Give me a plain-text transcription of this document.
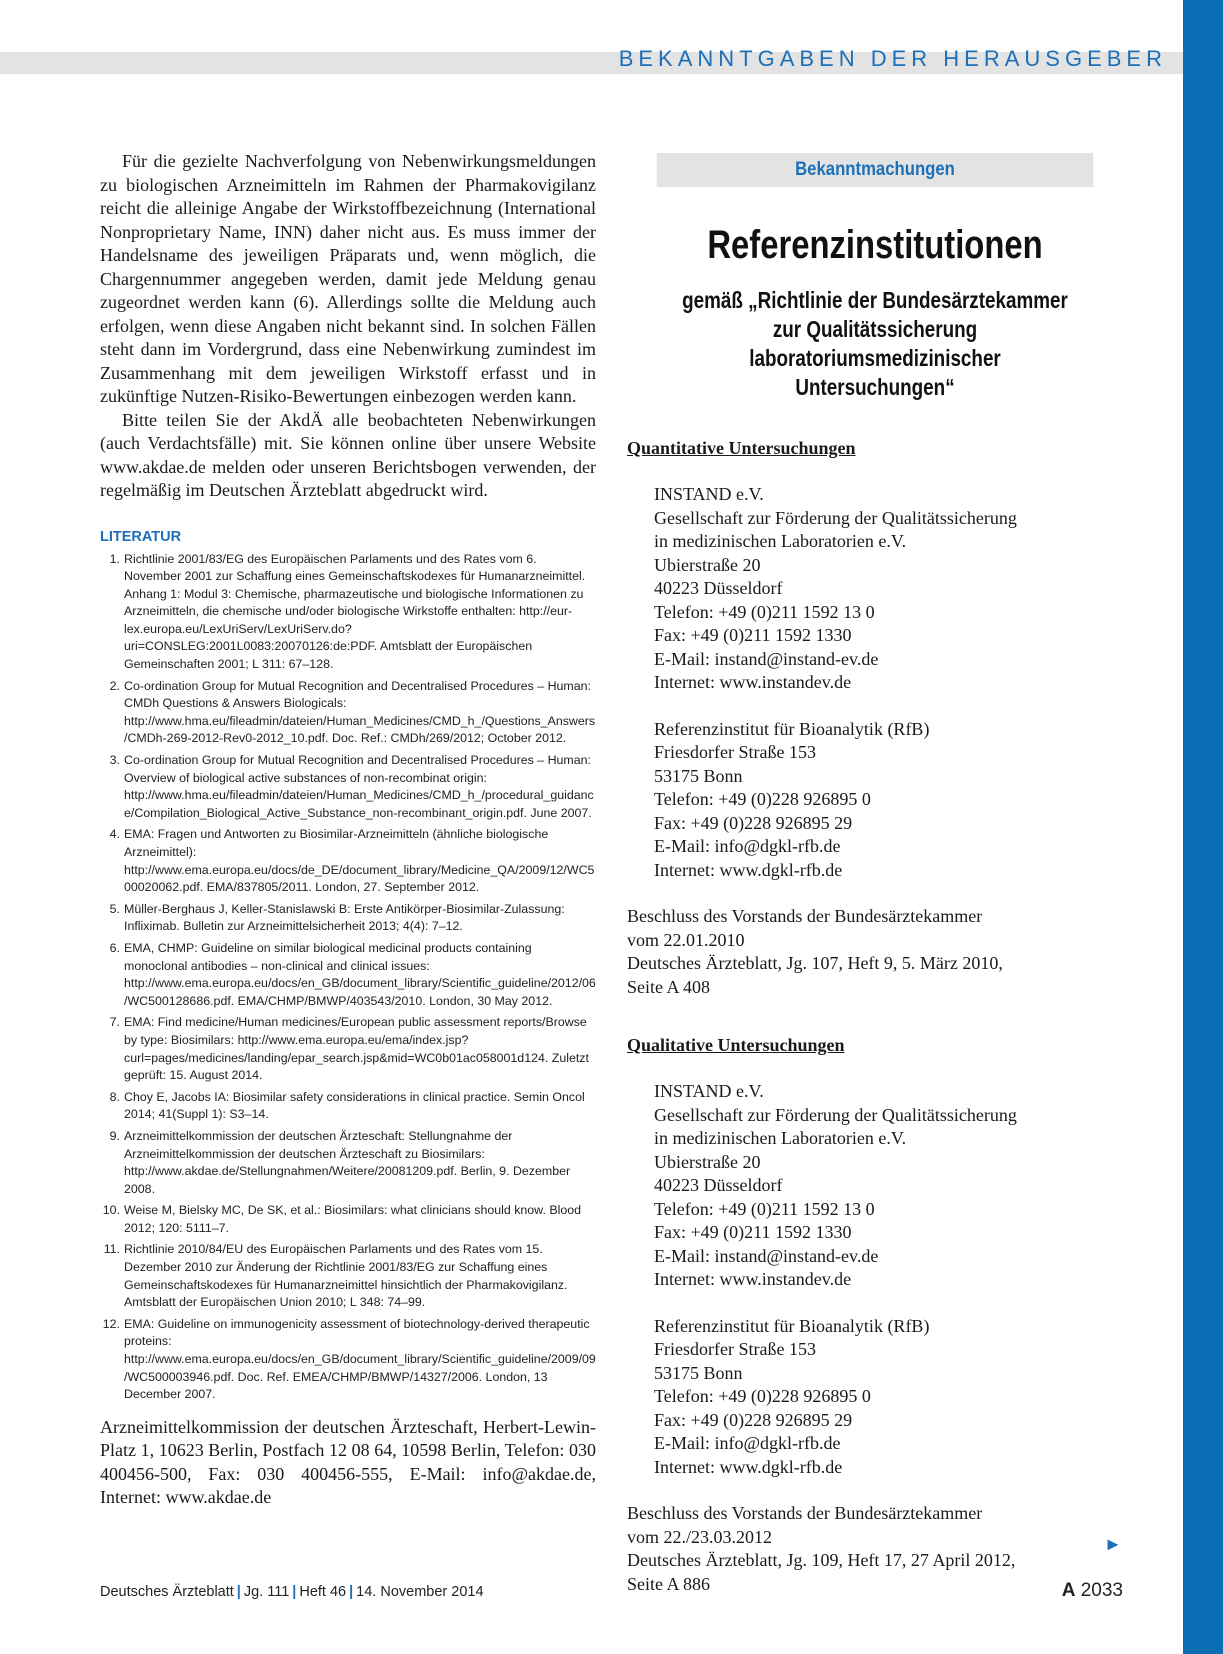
BEKANNTGABEN DER HERAUSGEBER

Für die gezielte Nachverfolgung von Nebenwirkungsmeldungen zu biologischen Arzneimitteln im Rahmen der Pharmakovigilanz reicht die alleinige Angabe der Wirkstoffbezeichnung (International Nonproprietary Name, INN) daher nicht aus. Es muss immer der Handelsname des jeweiligen Präparats und, wenn möglich, die Chargennummer angegeben werden, damit jede Meldung genau zugeordnet werden kann (6). Allerdings sollte die Meldung auch erfolgen, wenn diese Angaben nicht bekannt sind. In solchen Fällen steht dann im Vordergrund, dass eine Nebenwirkung zumindest im Zusammenhang mit dem jeweiligen Wirkstoff erfasst und in zukünftige Nutzen-Risiko-Bewertungen einbezogen werden kann.

Bitte teilen Sie der AkdÄ alle beobachteten Nebenwirkungen (auch Verdachtsfälle) mit. Sie können online über unsere Website www.akdae.de melden oder unseren Berichtsbogen verwenden, der regelmäßig im Deutschen Ärzteblatt abgedruckt wird.

LITERATUR
1. Richtlinie 2001/83/EG des Europäischen Parlaments und des Rates vom 6. November 2001 zur Schaffung eines Gemeinschaftskodexes für Humanarzneimittel. Anhang 1: Modul 3: Chemische, pharmazeutische und biologische Informationen zu Arzneimitteln, die chemische und/oder biologische Wirkstoffe enthalten: http://eur-lex.europa.eu/LexUriServ/LexUriServ.do?uri=CONSLEG:2001L0083:20070126:de:PDF. Amtsblatt der Europäischen Gemeinschaften 2001; L 311: 67–128.
2. Co-ordination Group for Mutual Recognition and Decentralised Procedures – Human: CMDh Questions & Answers Biologicals: http://www.hma.eu/fileadmin/dateien/Human_Medicines/CMD_h_/Questions_Answers/CMDh-269-2012-Rev0-2012_10.pdf. Doc. Ref.: CMDh/269/2012; October 2012.
3. Co-ordination Group for Mutual Recognition and Decentralised Procedures – Human: Overview of biological active substances of non-recombinat origin: http://www.hma.eu/fileadmin/dateien/Human_Medicines/CMD_h_/procedural_guidance/Compilation_Biological_Active_Substance_non-recombinant_origin.pdf. June 2007.
4. EMA: Fragen und Antworten zu Biosimilar-Arzneimitteln (ähnliche biologische Arzneimittel): http://www.ema.europa.eu/docs/de_DE/document_library/Medicine_QA/2009/12/WC500020062.pdf. EMA/837805/2011. London, 27. September 2012.
5. Müller-Berghaus J, Keller-Stanislawski B: Erste Antikörper-Biosimilar-Zulassung: Infliximab. Bulletin zur Arzneimittelsicherheit 2013; 4(4): 7–12.
6. EMA, CHMP: Guideline on similar biological medicinal products containing monoclonal antibodies – non-clinical and clinical issues: http://www.ema.europa.eu/docs/en_GB/document_library/Scientific_guideline/2012/06/WC500128686.pdf. EMA/CHMP/BMWP/403543/2010. London, 30 May 2012.
7. EMA: Find medicine/Human medicines/European public assessment reports/Browse by type: Biosimilars: http://www.ema.europa.eu/ema/index.jsp?curl=pages/medicines/landing/epar_search.jsp&mid=WC0b01ac058001d124. Zuletzt geprüft: 15. August 2014.
8. Choy E, Jacobs IA: Biosimilar safety considerations in clinical practice. Semin Oncol 2014; 41(Suppl 1): S3–14.
9. Arzneimittelkommission der deutschen Ärzteschaft: Stellungnahme der Arzneimittelkommission der deutschen Ärzteschaft zu Biosimilars: http://www.akdae.de/Stellungnahmen/Weitere/20081209.pdf. Berlin, 9. Dezember 2008.
10. Weise M, Bielsky MC, De SK, et al.: Biosimilars: what clinicians should know. Blood 2012; 120: 5111–7.
11. Richtlinie 2010/84/EU des Europäischen Parlaments und des Rates vom 15. Dezember 2010 zur Änderung der Richtlinie 2001/83/EG zur Schaffung eines Gemeinschaftskodexes für Humanarzneimittel hinsichtlich der Pharmakovigilanz. Amtsblatt der Europäischen Union 2010; L 348: 74–99.
12. EMA: Guideline on immunogenicity assessment of biotechnology-derived therapeutic proteins: http://www.ema.europa.eu/docs/en_GB/document_library/Scientific_guideline/2009/09/WC500003946.pdf. Doc. Ref. EMEA/CHMP/BMWP/14327/2006. London, 13 December 2007.

Arzneimittelkommission der deutschen Ärzteschaft, Herbert-Lewin-Platz 1, 10623 Berlin, Postfach 12 08 64, 10598 Berlin, Telefon: 030 400456-500, Fax: 030 400456-555, E-Mail: info@akdae.de, Internet: www.akdae.de

Bekanntmachungen
Referenzinstitutionen
gemäß „Richtlinie der Bundesärztekammer
zur Qualitätssicherung
laboratoriumsmedizinischer Untersuchungen“
Quantitative Untersuchungen
INSTAND e.V.
Gesellschaft zur Förderung der Qualitätssicherung
in medizinischen Laboratorien e.V.
Ubierstraße 20
40223 Düsseldorf
Telefon: +49 (0)211 1592 13 0
Fax: +49 (0)211 1592 1330
E-Mail: instand@instand-ev.de
Internet: www.instandev.de
Referenzinstitut für Bioanalytik (RfB)
Friesdorfer Straße 153
53175 Bonn
Telefon: +49 (0)228 926895 0
Fax: +49 (0)228 926895 29
E-Mail: info@dgkl-rfb.de
Internet: www.dgkl-rfb.de
Beschluss des Vorstands der Bundesärztekammer
vom 22.01.2010
Deutsches Ärzteblatt, Jg. 107, Heft 9, 5. März 2010,
Seite A 408
Qualitative Untersuchungen
INSTAND e.V.
Gesellschaft zur Förderung der Qualitätssicherung
in medizinischen Laboratorien e.V.
Ubierstraße 20
40223 Düsseldorf
Telefon: +49 (0)211 1592 13 0
Fax: +49 (0)211 1592 1330
E-Mail: instand@instand-ev.de
Internet: www.instandev.de
Referenzinstitut für Bioanalytik (RfB)
Friesdorfer Straße 153
53175 Bonn
Telefon: +49 (0)228 926895 0
Fax: +49 (0)228 926895 29
E-Mail: info@dgkl-rfb.de
Internet: www.dgkl-rfb.de
Beschluss des Vorstands der Bundesärztekammer
vom 22./23.03.2012
Deutsches Ärzteblatt, Jg. 109, Heft 17, 27 April 2012,
Seite A 886
►
Deutsches Ärzteblatt | Jg. 111 | Heft 46 | 14. November 2014	A 2033
